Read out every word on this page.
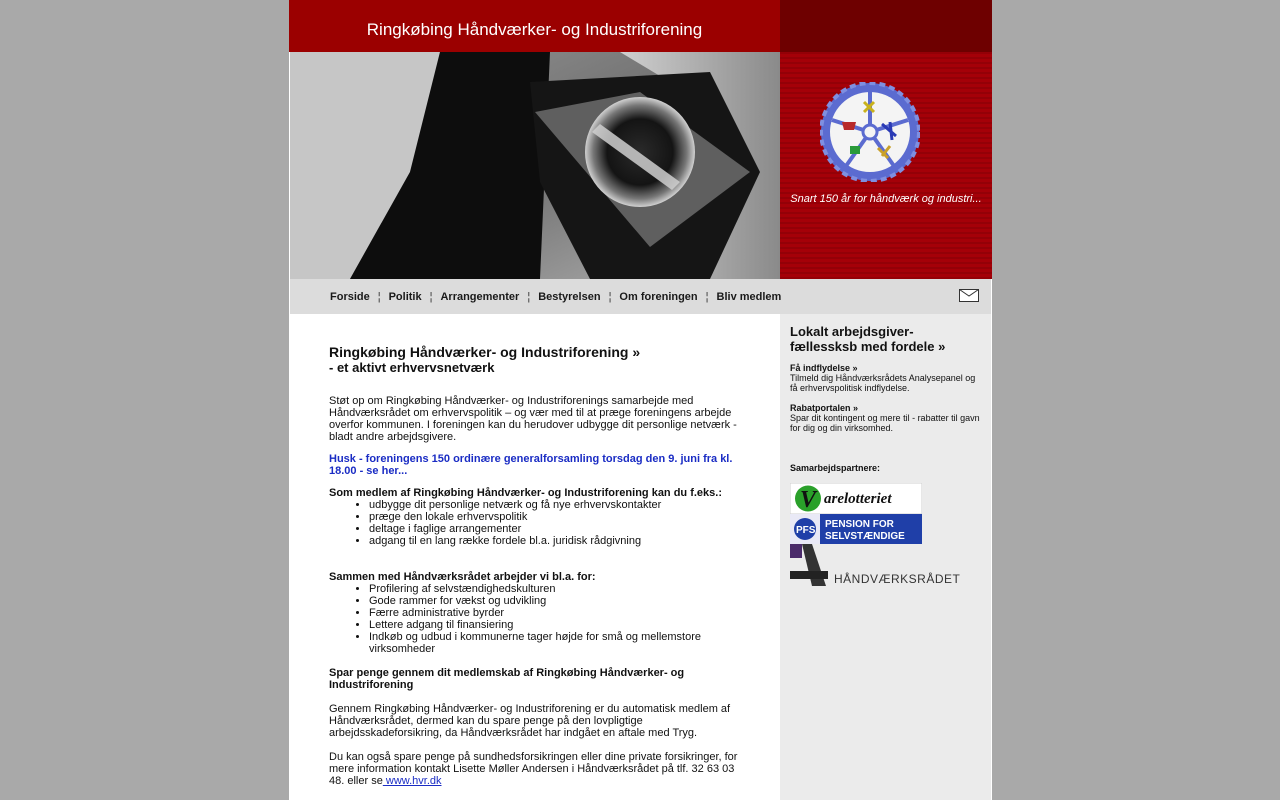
Ringkøbing Håndværker- og Industriforening
Snart 150 år for håndværk og industri...
Forside ¦ Politik ¦ Arrangementer ¦ Bestyrelsen ¦ Om foreningen ¦ Bliv medlem
Ringkøbing Håndværker- og Industriforening »
- et aktivt erhvervsnetværk

Støt op om Ringkøbing Håndværker- og Industriforenings samarbejde med Håndværksrådet om erhvervspolitik – og vær med til at præge foreningens arbejde overfor kommunen. I foreningen kan du herudover udbygge dit personlige netværk - bladt andre arbejdsgivere.

Husk - foreningens 150 ordinære generalforsamling torsdag den 9. juni fra kl. 18.00 - se her...

Som medlem af Ringkøbing Håndværker- og Industriforening kan du f.eks.:

• udbygge dit personlige netværk og få nye erhvervskontakter
• præge den lokale erhvervspolitik
• deltage i faglige arrangementer
• adgang til en lang række fordele bl.a. juridisk rådgivning

Sammen med Håndværksrådet arbejder vi bl.a. for:

• Profilering af selvstændighedskulturen
• Gode rammer for vækst og udvikling
• Færre administrative byrder
• Lettere adgang til finansiering
• Indkøb og udbud i kommunerne tager højde for små og mellemstore virksomheder

Spar penge gennem dit medlemskab af Ringkøbing Håndværker- og Industriforening

Gennem Ringkøbing Håndværker- og Industriforening er du automatisk medlem af Håndværksrådet, dermed kan du spare penge på den lovpligtige arbejdsskadeforsikring, da Håndværksrådet har indgået en aftale med Tryg.

Du kan også spare penge på sundhedsforsikringen eller dine private forsikringer, for mere information kontakt Lisette Møller Andersen i Håndværksrådet på tlf. 32 63 03 48. eller se www.hvr.dk

Lokalt arbejdsgiver-fællessksb med fordele »

Få indflydelse »
Tilmeld dig Håndværksrådets Analysepanel og få erhvervspolitisk indflydelse.
Rabatportalen »
Spar dit kontingent og mere til - rabatter til gavn for dig og din virksomhed.
Samarbejdspartnere:
V arelotteriet
PFS
PENSION FOR
SELVSTÆNDIGE
HÅNDVÆRKSRÅDET
